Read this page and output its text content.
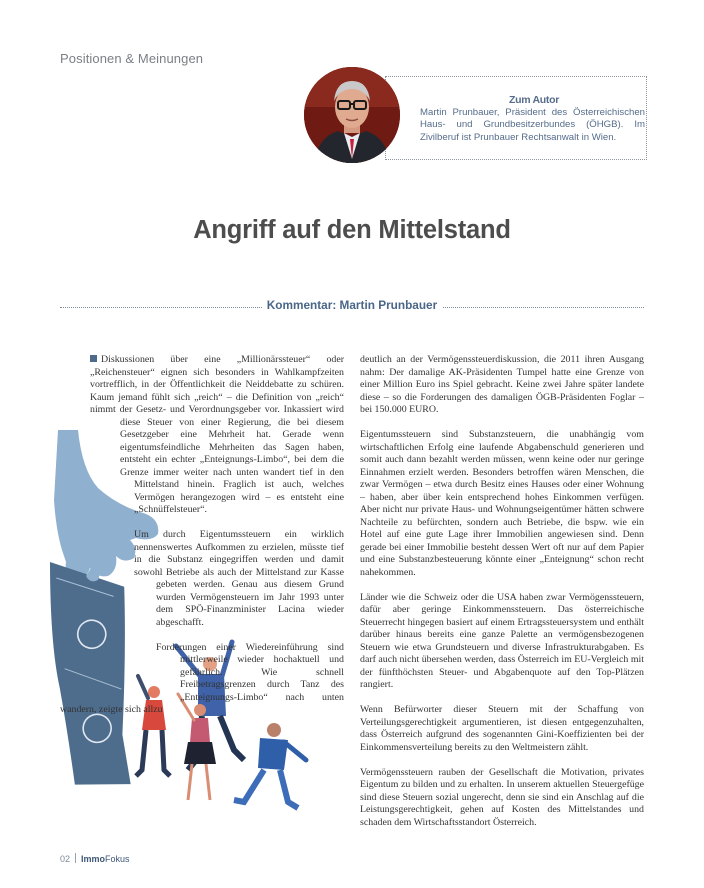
Positionen & Meinungen
Zum Autor
Martin Prunbauer, Präsident des Österreichischen Haus- und Grundbesitzerbundes (ÖHGB). Im Zivilberuf ist Prunbauer Rechtsanwalt in Wien.
Angriff auf den Mittelstand
Kommentar: Martin Prunbauer

Diskussionen über eine „Millionärssteuer“ oder „Reichensteuer“ eignen sich besonders in Wahlkampfzeiten vortrefflich, in der Öffentlichkeit die Neiddebatte zu schüren. Kaum jemand fühlt sich „reich“ – die Definition von „reich“ nimmt der Gesetz- und Verordnungsgeber vor. Inkassiert wird diese Steuer von einer Regierung, die bei diesem Gesetzgeber eine Mehrheit hat. Gerade wenn eigentumsfeindliche Mehrheiten das Sagen haben, entsteht ein echter „Enteignungs-Limbo“, bei dem die Grenze immer weiter nach unten wandert tief in den Mittelstand hinein. Fraglich ist auch, welches Vermögen herangezogen wird – es entsteht eine „Schnüffelsteuer“.

Um durch Eigentumssteuern ein wirklich nennenswertes Aufkommen zu erzielen, müsste tief in die Substanz eingegriffen werden und damit sowohl Betriebe als auch der Mittelstand zur Kasse gebeten werden. Genau aus diesem Grund wurden Vermögensteuern im Jahr 1993 unter dem SPÖ-Finanzminister Lacina wieder abgeschafft.

Forderungen einer Wiedereinführung sind mittlerweile wieder hochaktuell und gefährlich. Wie schnell Freibetragsgrenzen durch Tanz des „Enteignungs-Limbo“ nach unten wandern, zeigte sich allzu

deutlich an der Vermögenssteuerdiskussion, die 2011 ihren Ausgang nahm: Der damalige AK-Präsidenten Tumpel hatte eine Grenze von einer Million Euro ins Spiel gebracht. Keine zwei Jahre später landete diese – so die Forderungen des damaligen ÖGB-Präsidenten Foglar – bei 150.000 EURO.

Eigentumssteuern sind Substanzsteuern, die unabhängig vom wirtschaftlichen Erfolg eine laufende Abgabenschuld generieren und somit auch dann bezahlt werden müssen, wenn keine oder nur geringe Einnahmen erzielt werden. Besonders betroffen wären Menschen, die zwar Vermögen – etwa durch Besitz eines Hauses oder einer Wohnung – haben, aber über kein entsprechend hohes Einkommen verfügen. Aber nicht nur private Haus- und Wohnungseigentümer hätten schwere Nachteile zu befürchten, sondern auch Betriebe, die bspw. wie ein Hotel auf eine gute Lage ihrer Immobilien angewiesen sind. Denn gerade bei einer Immobilie besteht dessen Wert oft nur auf dem Papier und eine Substanzbesteuerung könnte einer „Enteignung“ schon recht nahekommen.

Länder wie die Schweiz oder die USA haben zwar Vermögenssteuern, dafür aber geringe Einkommenssteuern. Das österreichische Steuerrecht hingegen basiert auf einem Ertragssteuersystem und enthält darüber hinaus bereits eine ganze Palette an vermögensbezogenen Steuern wie etwa Grundsteuern und diverse Infrastrukturabgaben. Es darf auch nicht übersehen werden, dass Österreich im EU-Vergleich mit der fünfthöchsten Steuer- und Abgabenquote auf den Top-Plätzen rangiert.

Wenn Befürworter dieser Steuern mit der Schaffung von Verteilungsgerechtigkeit argumentieren, ist diesen entgegenzuhalten, dass Österreich aufgrund des sogenannten Gini-Koeffizienten bei der Einkommensverteilung bereits zu den Weltmeistern zählt.

Vermögenssteuern rauben der Gesellschaft die Motivation, privates Eigentum zu bilden und zu erhalten. In unserem aktuellen Steuergefüge sind diese Steuern sozial ungerecht, denn sie sind ein Anschlag auf die Leistungsgerechtigkeit, gehen auf Kosten des Mittelstandes und schaden dem Wirtschaftsstandort Österreich.

02 ImmoFokus
